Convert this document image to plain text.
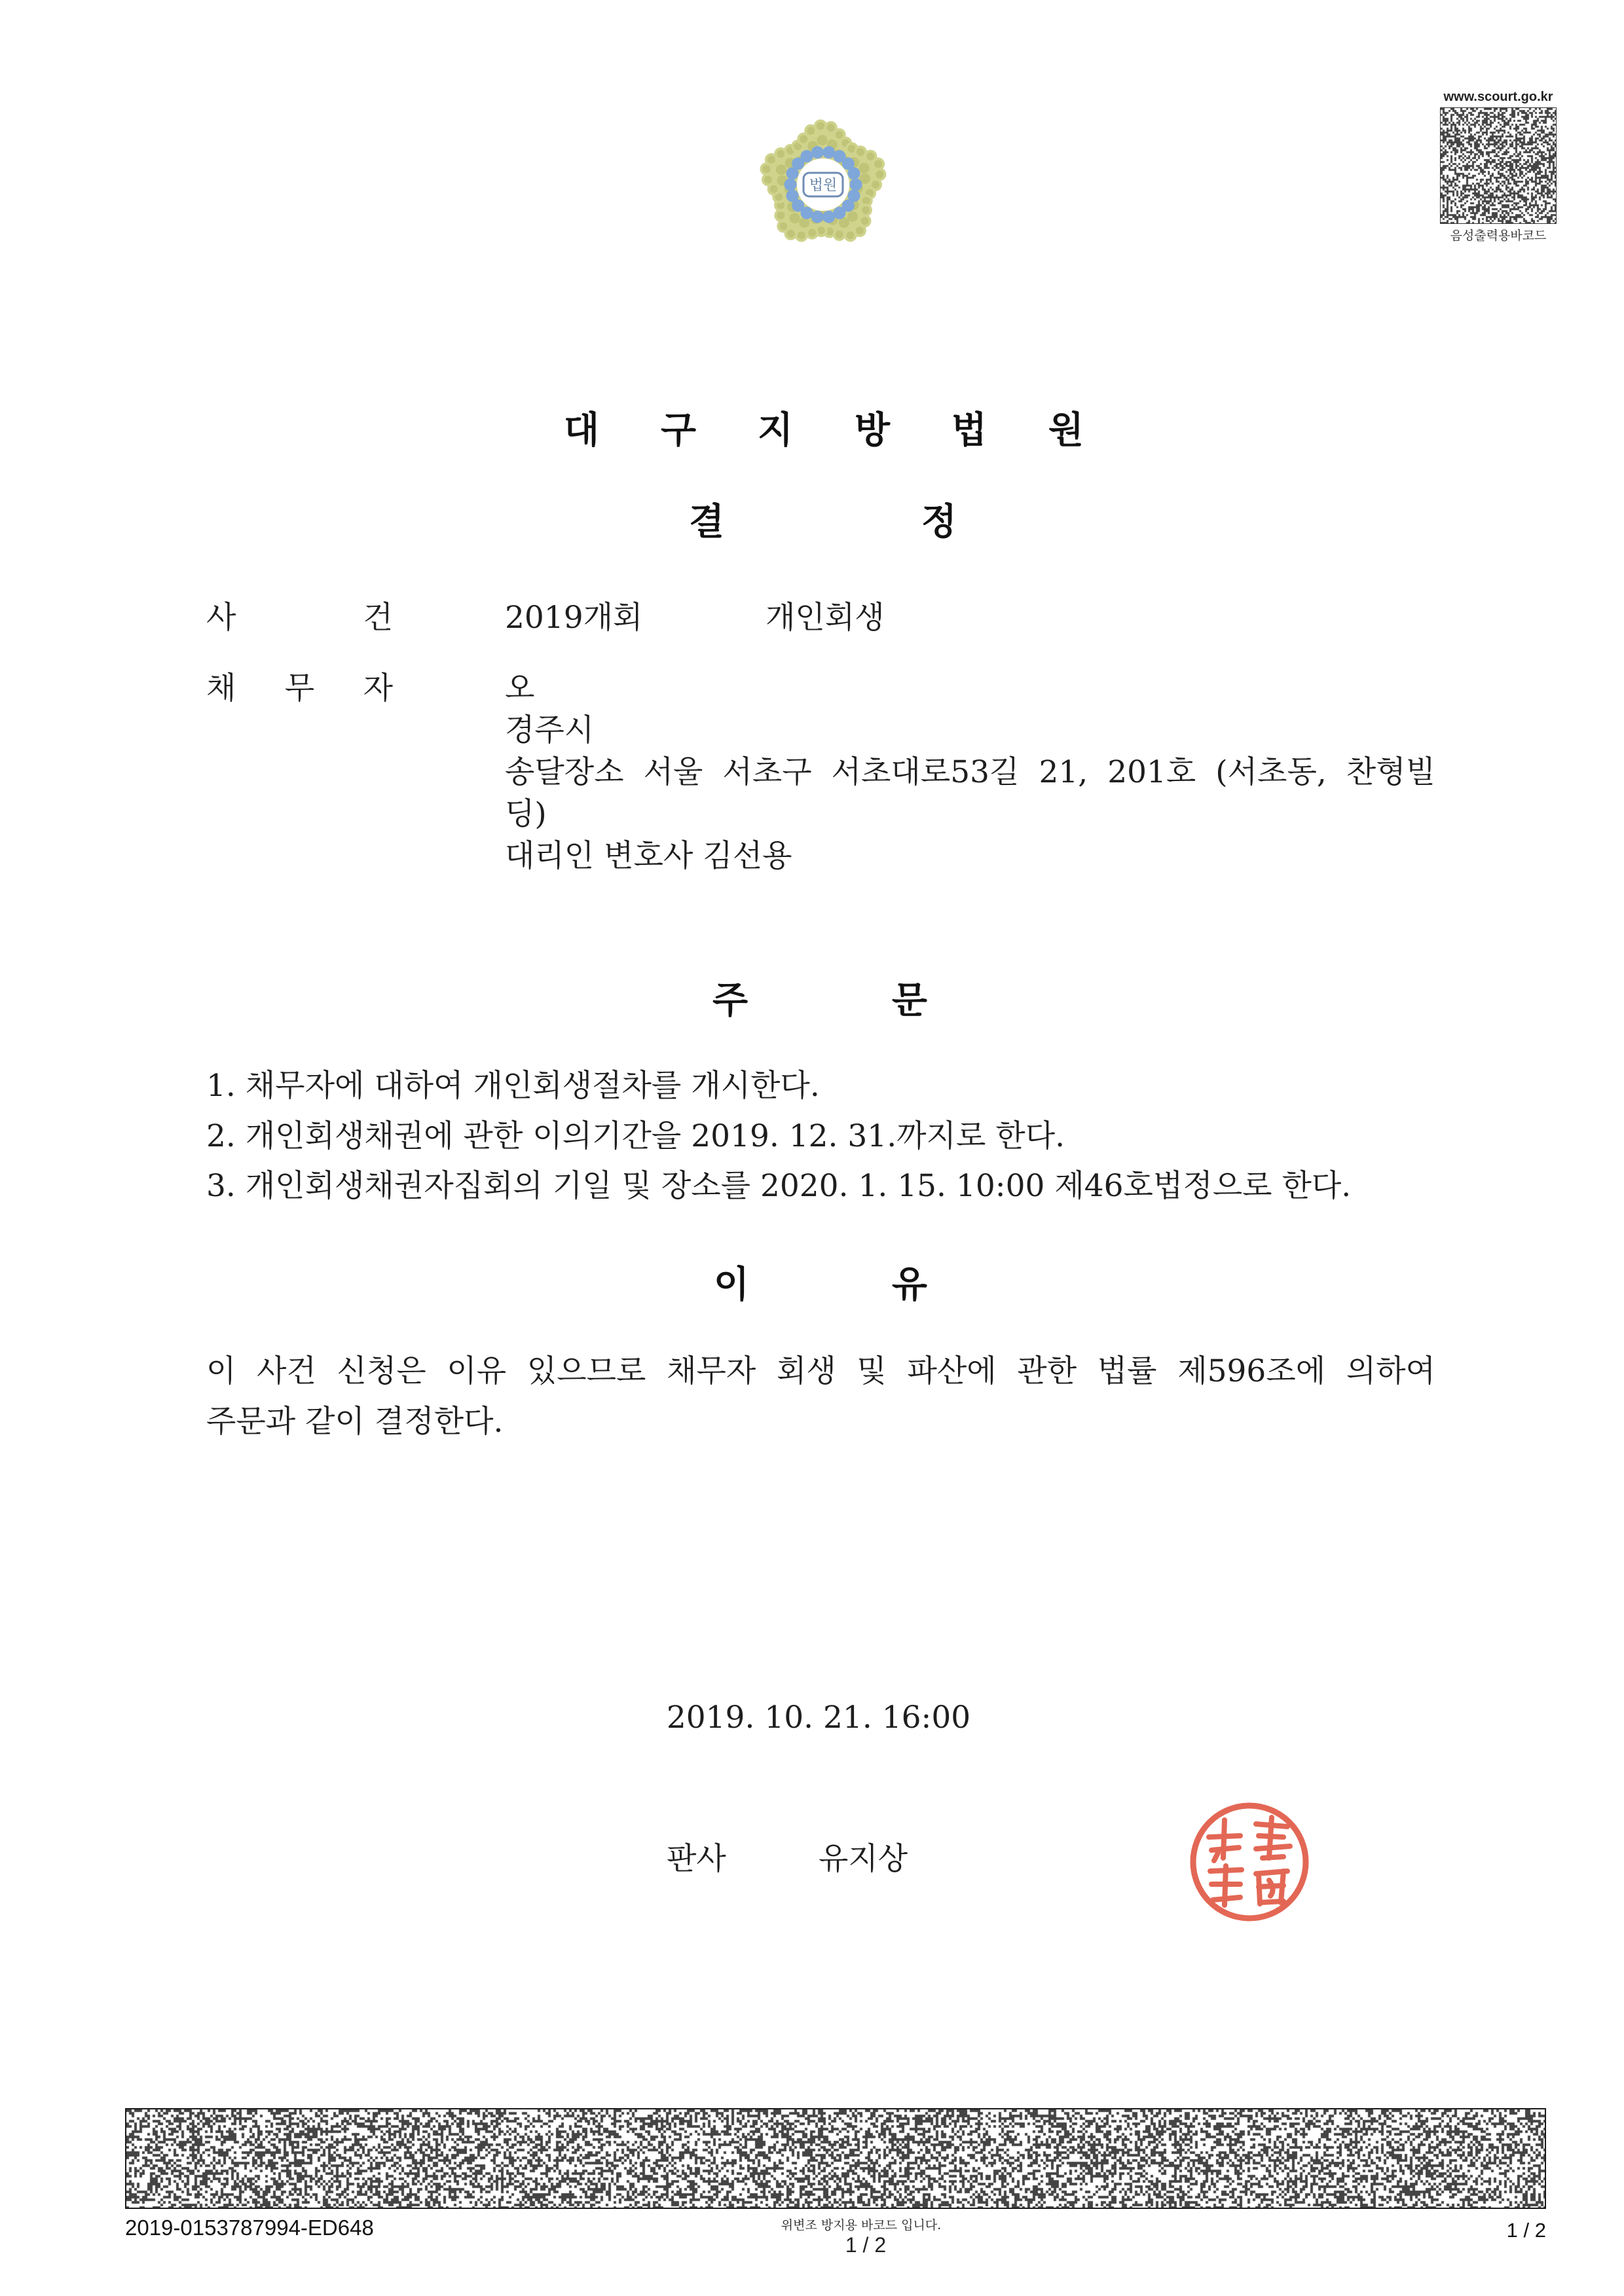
법원
www.scourt.go.kr
음성출력용바코드
대 구 지 방 법 원
결 정
사 건	2019개회	개인회생
채 무 자	오
경주시
송달장소 서울 서초구 서초대로53길 21, 201호 (서초동, 찬형빌
딩)
대리인 변호사 김선용
주 문
1. 채무자에 대하여 개인회생절차를 개시한다.
2. 개인회생채권에 관한 이의기간을 2019. 12. 31.까지로 한다.
3. 개인회생채권자집회의 기일 및 장소를 2020. 1. 15. 10:00 제46호법정으로 한다.
이 유
이 사건 신청은 이유 있으므로 채무자 회생 및 파산에 관한 법률 제596조에 의하여
주문과 같이 결정한다.
2019. 10. 21. 16:00
판사	유지상
2019-0153787994-ED648	위변조 방지용 바코드 입니다.
1 / 2
1 / 2
